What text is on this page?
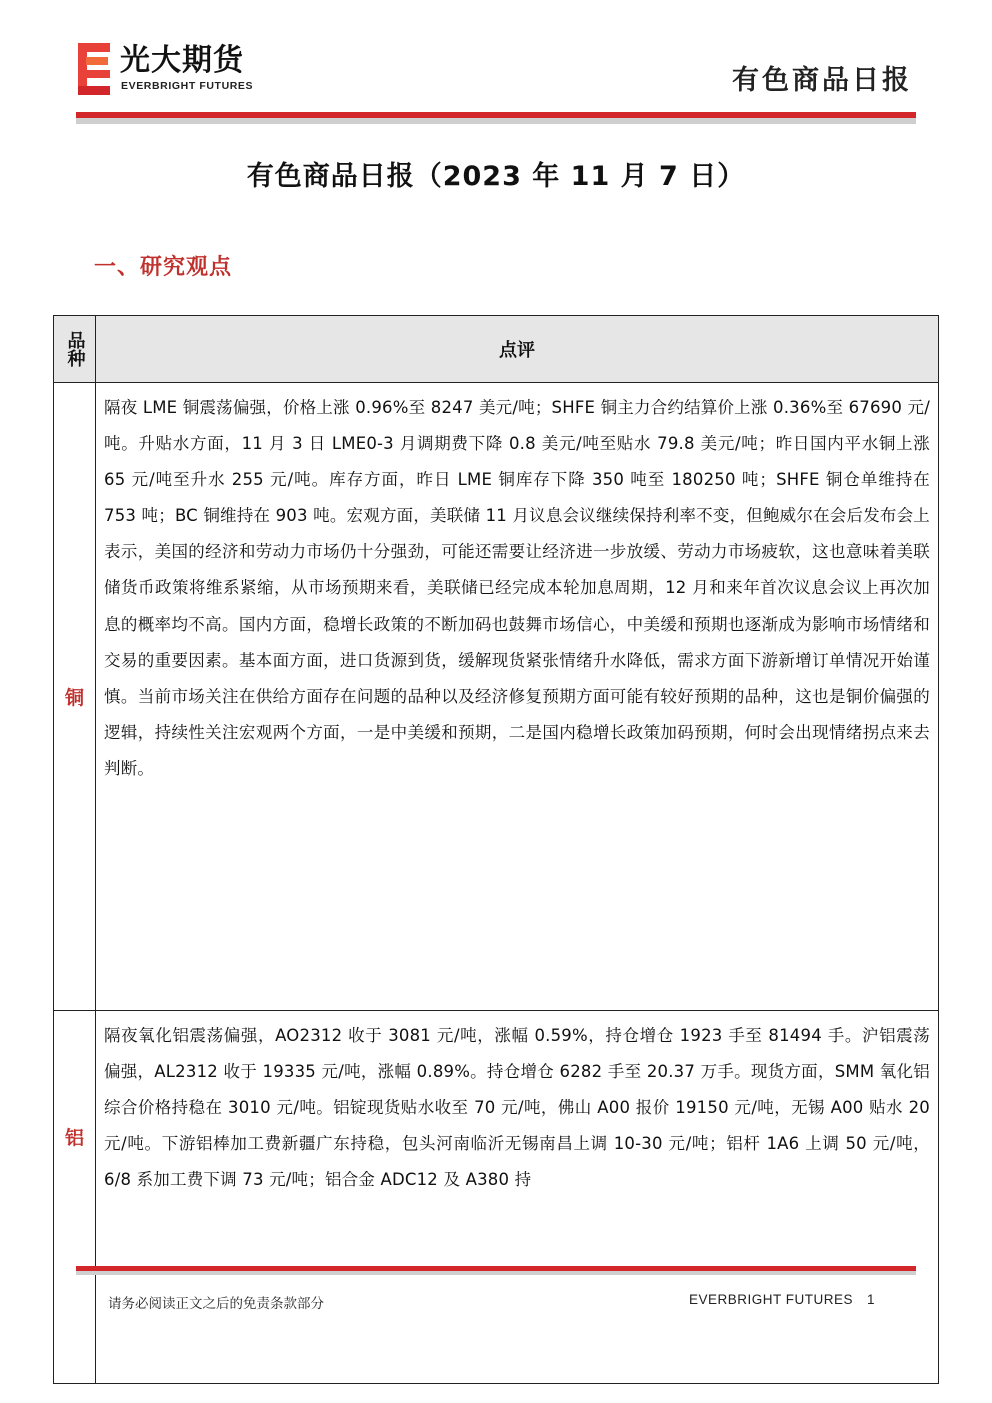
光大期货
EVERBRIGHT FUTURES	有色商品日报
有色商品日报（2023 年 11 月 7 日）
一、研究观点
品种	点评
铜	隔夜 LME 铜震荡偏强，价格上涨 0.96%至 8247 美元/吨；SHFE 铜主力合约结算价上涨 0.36%至 67690 元/吨。升贴水方面，11 月 3 日 LME0-3 月调期费下降 0.8 美元/吨至贴水 79.8 美元/吨；昨日国内平水铜上涨 65 元/吨至升水 255 元/吨。库存方面，昨日 LME 铜库存下降 350 吨至 180250 吨；SHFE 铜仓单维持在 753 吨；BC 铜维持在 903 吨。宏观方面，美联储 11 月议息会议继续保持利率不变，但鲍威尔在会后发布会上表示，美国的经济和劳动力市场仍十分强劲，可能还需要让经济进一步放缓、劳动力市场疲软，这也意味着美联储货币政策将维系紧缩，从市场预期来看，美联储已经完成本轮加息周期，12 月和来年首次议息会议上再次加息的概率均不高。国内方面，稳增长政策的不断加码也鼓舞市场信心，中美缓和预期也逐渐成为影响市场情绪和交易的重要因素。基本面方面，进口货源到货，缓解现货紧张情绪升水降低，需求方面下游新增订单情况开始谨慎。当前市场关注在供给方面存在问题的品种以及经济修复预期方面可能有较好预期的品种，这也是铜价偏强的逻辑，持续性关注宏观两个方面，一是中美缓和预期，二是国内稳增长政策加码预期，何时会出现情绪拐点来去判断。
铝	隔夜氧化铝震荡偏强，AO2312 收于 3081 元/吨，涨幅 0.59%，持仓增仓 1923 手至 81494 手。沪铝震荡偏强，AL2312 收于 19335 元/吨，涨幅 0.89%。持仓增仓 6282 手至 20.37 万手。现货方面，SMM 氧化铝综合价格持稳在 3010 元/吨。铝锭现货贴水收至 70 元/吨，佛山 A00 报价 19150 元/吨，无锡 A00 贴水 20 元/吨。下游铝棒加工费新疆广东持稳，包头河南临沂无锡南昌上调 10-30 元/吨；铝杆 1A6 上调 50 元/吨，6/8 系加工费下调 73 元/吨；铝合金 ADC12 及 A380 持
请务必阅读正文之后的免责条款部分	EVERBRIGHT FUTURES 1
